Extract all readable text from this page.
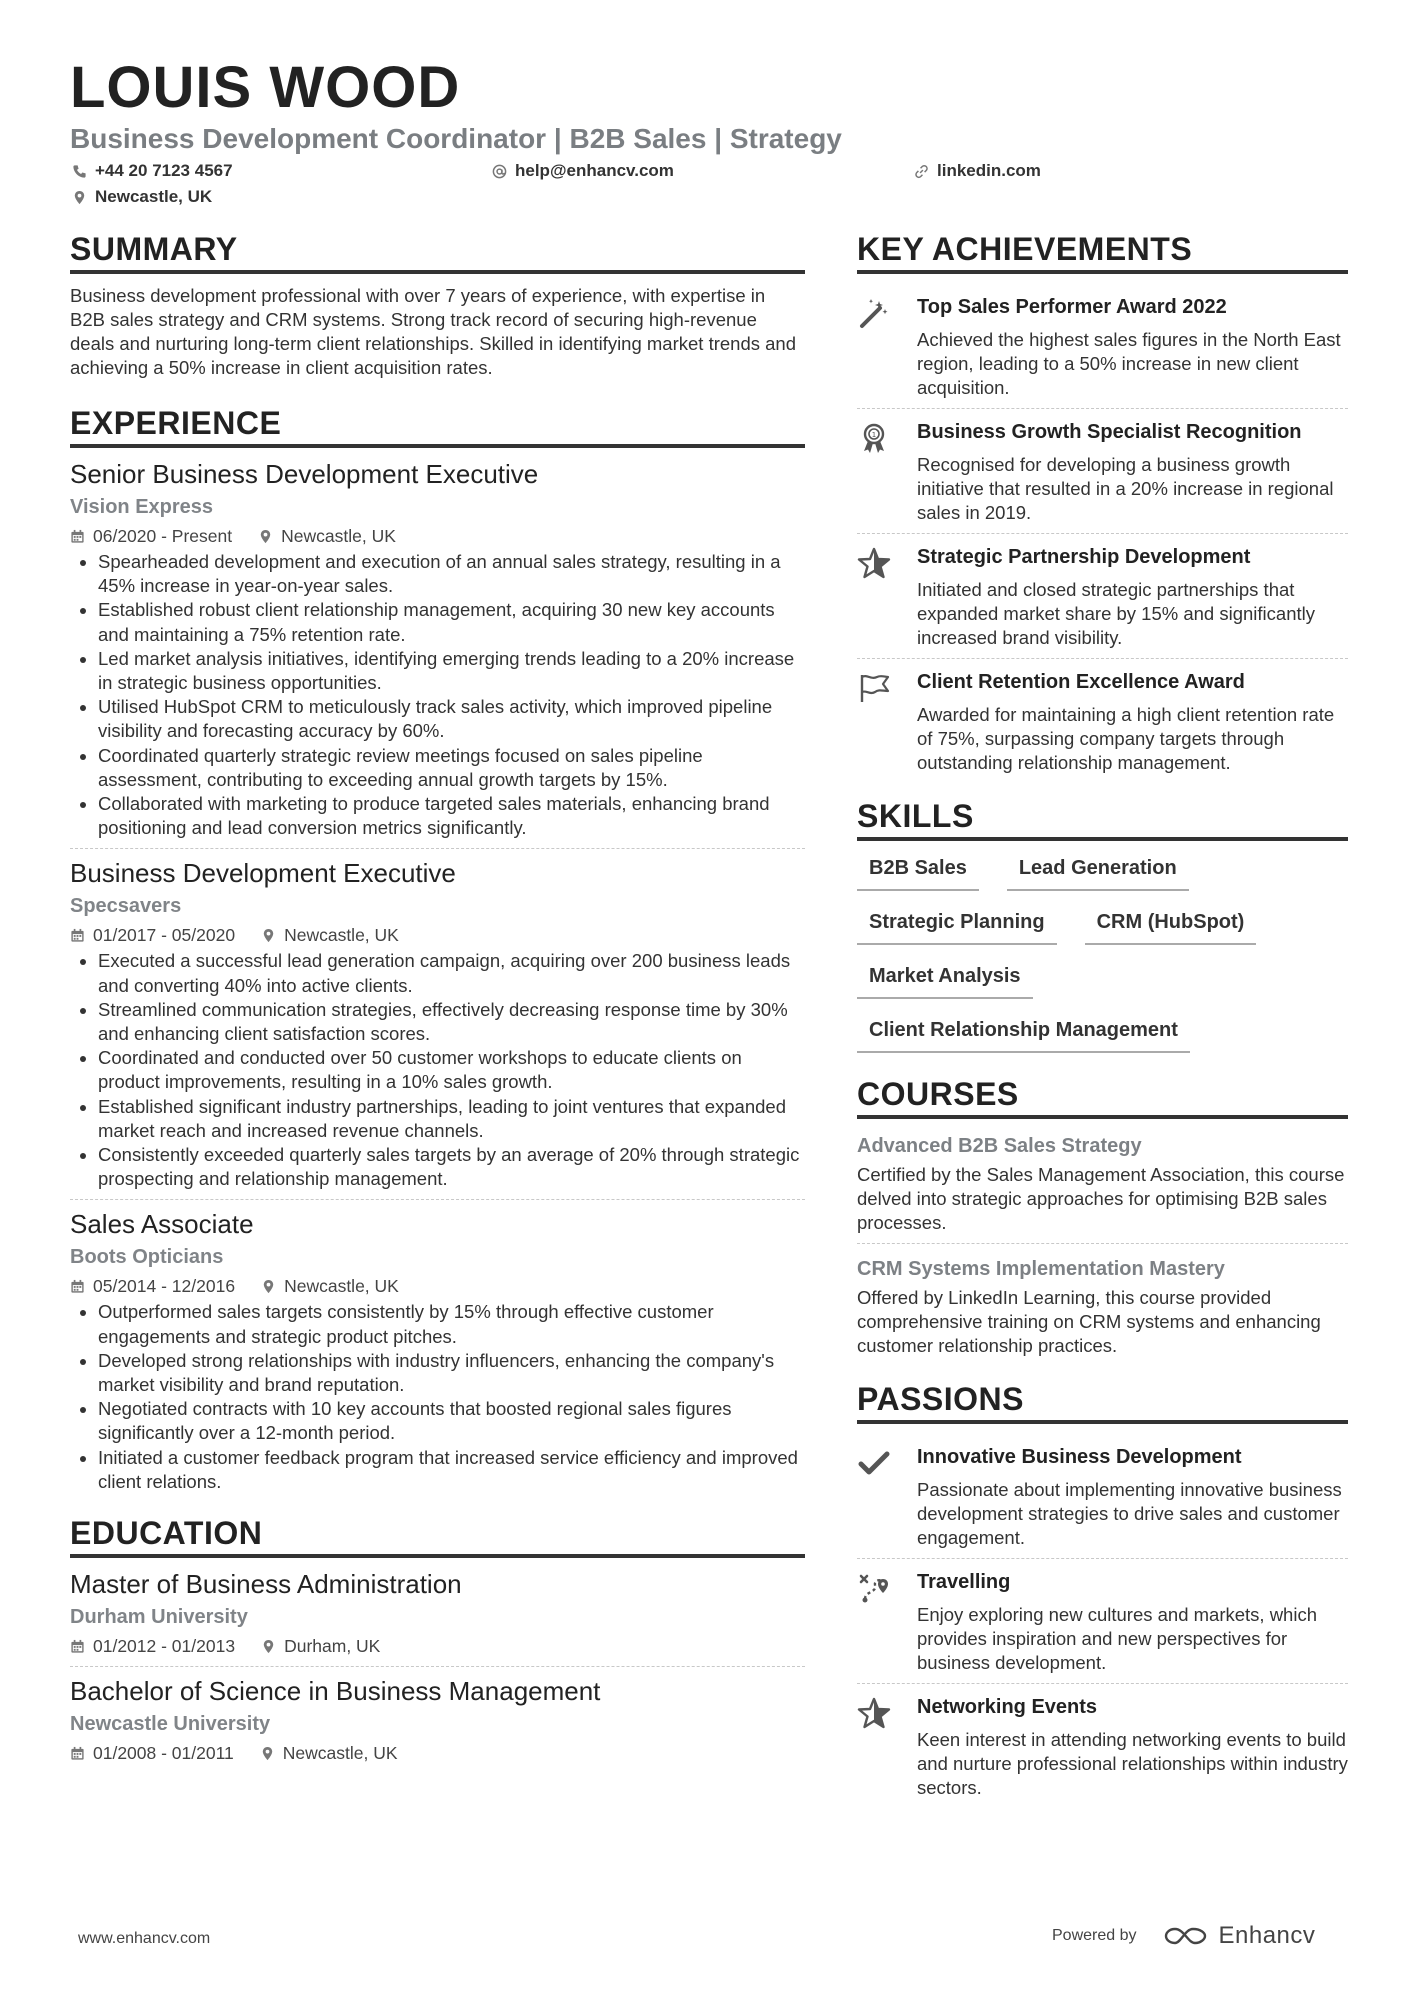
LOUIS WOOD
Business Development Coordinator | B2B Sales | Strategy
+44 20 7123 4567	help@enhancv.com	linkedin.com
Newcastle, UK
SUMMARY
Business development professional with over 7 years of experience, with expertise in B2B sales strategy and CRM systems. Strong track record of securing high-revenue deals and nurturing long-term client relationships. Skilled in identifying market trends and achieving a 50% increase in client acquisition rates.
EXPERIENCE
Senior Business Development Executive
Vision Express
06/2020 - Present	Newcastle, UK
• Spearheaded development and execution of an annual sales strategy, resulting in a 45% increase in year-on-year sales.
• Established robust client relationship management, acquiring 30 new key accounts and maintaining a 75% retention rate.
• Led market analysis initiatives, identifying emerging trends leading to a 20% increase in strategic business opportunities.
• Utilised HubSpot CRM to meticulously track sales activity, which improved pipeline visibility and forecasting accuracy by 60%.
• Coordinated quarterly strategic review meetings focused on sales pipeline assessment, contributing to exceeding annual growth targets by 15%.
• Collaborated with marketing to produce targeted sales materials, enhancing brand positioning and lead conversion metrics significantly.
Business Development Executive
Specsavers
01/2017 - 05/2020	Newcastle, UK
• Executed a successful lead generation campaign, acquiring over 200 business leads and converting 40% into active clients.
• Streamlined communication strategies, effectively decreasing response time by 30% and enhancing client satisfaction scores.
• Coordinated and conducted over 50 customer workshops to educate clients on product improvements, resulting in a 10% sales growth.
• Established significant industry partnerships, leading to joint ventures that expanded market reach and increased revenue channels.
• Consistently exceeded quarterly sales targets by an average of 20% through strategic prospecting and relationship management.
Sales Associate
Boots Opticians
05/2014 - 12/2016	Newcastle, UK
• Outperformed sales targets consistently by 15% through effective customer engagements and strategic product pitches.
• Developed strong relationships with industry influencers, enhancing the company's market visibility and brand reputation.
• Negotiated contracts with 10 key accounts that boosted regional sales figures significantly over a 12-month period.
• Initiated a customer feedback program that increased service efficiency and improved client relations.
EDUCATION
Master of Business Administration
Durham University
01/2012 - 01/2013	Durham, UK
Bachelor of Science in Business Management
Newcastle University
01/2008 - 01/2011	Newcastle, UK
KEY ACHIEVEMENTS
Top Sales Performer Award 2022
Achieved the highest sales figures in the North East region, leading to a 50% increase in new client acquisition.
1 Business Growth Specialist Recognition
Recognised for developing a business growth initiative that resulted in a 20% increase in regional sales in 2019.
Strategic Partnership Development
Initiated and closed strategic partnerships that expanded market share by 15% and significantly increased brand visibility.
Client Retention Excellence Award
Awarded for maintaining a high client retention rate of 75%, surpassing company targets through outstanding relationship management.
SKILLS
B2B Sales	Lead Generation
Strategic Planning	CRM (HubSpot)
Market Analysis
Client Relationship Management
COURSES
Advanced B2B Sales Strategy
Certified by the Sales Management Association, this course delved into strategic approaches for optimising B2B sales processes.
CRM Systems Implementation Mastery
Offered by LinkedIn Learning, this course provided comprehensive training on CRM systems and enhancing customer relationship practices.
PASSIONS
Innovative Business Development
Passionate about implementing innovative business development strategies to drive sales and customer engagement.
Travelling
Enjoy exploring new cultures and markets, which provides inspiration and new perspectives for business development.
Networking Events
Keen interest in attending networking events to build and nurture professional relationships within industry sectors.
www.enhancv.com	Powered by	Enhancv
